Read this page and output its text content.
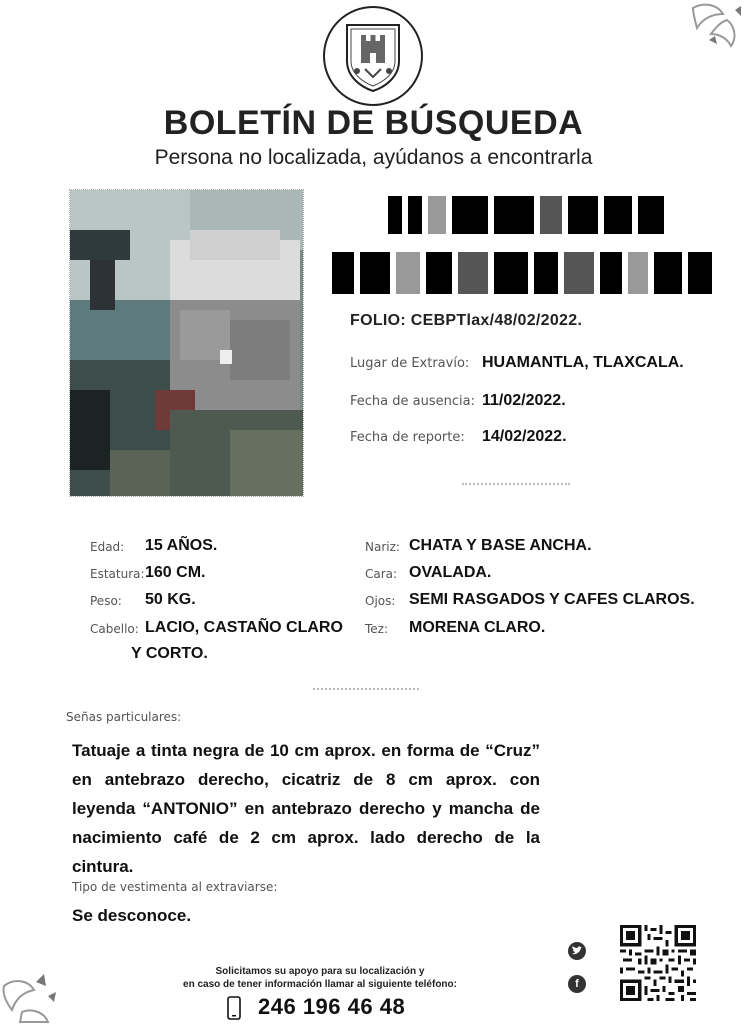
BOLETÍN DE BÚSQUEDA
Persona no localizada, ayúdanos a encontrarla
FOLIO: CEBPTlax/48/02/2022.
Lugar de Extravío: HUAMANTLA, TLAXCALA.
Fecha de ausencia: 11/02/2022.
Fecha de reporte: 14/02/2022.
Edad: 15 AÑOS.
Estatura: 160 CM.
Peso: 50 KG.
Cabello: LACIO, CASTAÑO CLARO
Y CORTO.
Nariz: CHATA Y BASE ANCHA.
Cara: OVALADA.
Ojos: SEMI RASGADOS Y CAFES CLAROS.
Tez: MORENA CLARO.
Señas particulares:
Tatuaje a tinta negra de 10 cm aprox. en forma de “Cruz” en antebrazo derecho, cicatriz de 8 cm aprox. con leyenda “ANTONIO” en antebrazo derecho y mancha de nacimiento café de 2 cm aprox. lado derecho de la cintura.
Tipo de vestimenta al extraviarse:
Se desconoce.
f
Solicitamos su apoyo para su localización y
en caso de tener información llamar al siguiente teléfono:
246 196 46 48
